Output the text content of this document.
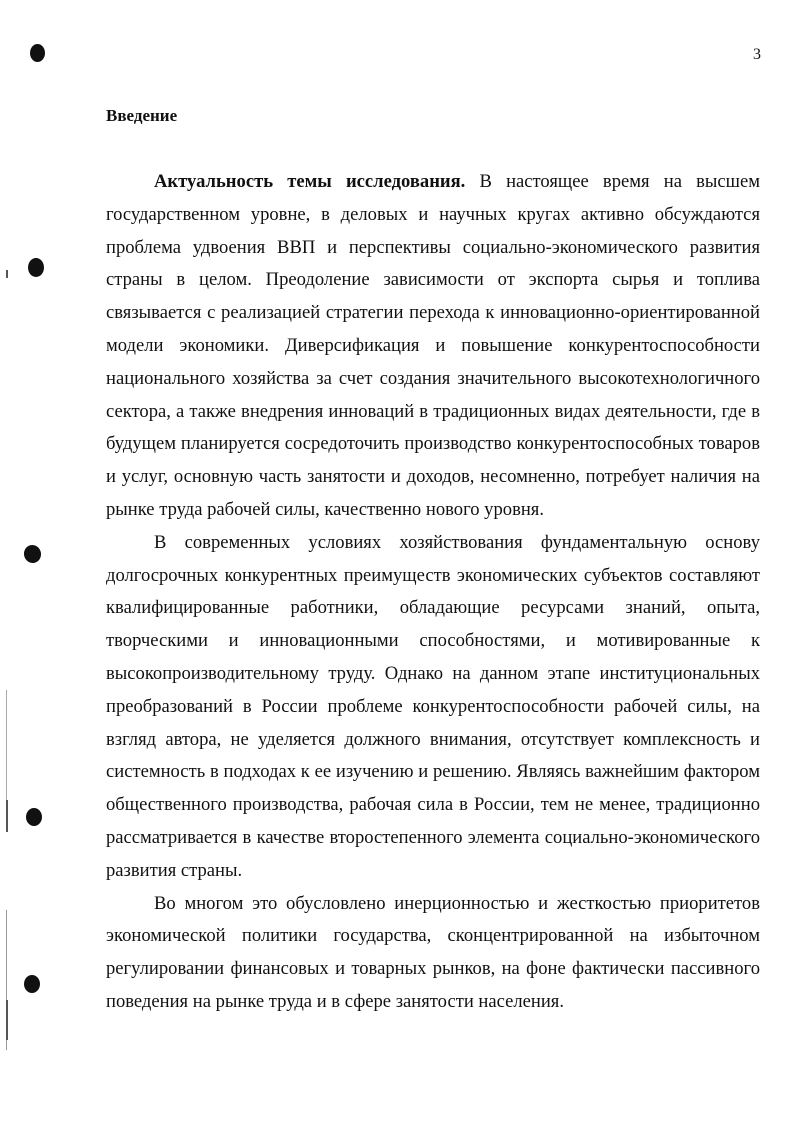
3
Введение

Актуальность темы исследования. В настоящее время на высшем государственном уровне, в деловых и научных кругах активно обсуждаются проблема удвоения ВВП и перспективы социально-экономического развития страны в целом. Преодоление зависимости от экспорта сырья и топлива связывается с реализацией стратегии перехода к инновационно-ориентированной модели экономики. Диверсификация и повышение конкурентоспособности национального хозяйства за счет создания значительного высокотехнологичного сектора, а также внедрения инноваций в традиционных видах деятельности, где в будущем планируется сосредоточить производство конкурентоспособных товаров и услуг, основную часть занятости и доходов, несомненно, потребует наличия на рынке труда рабочей силы, качественно нового уровня.

В современных условиях хозяйствования фундаментальную основу долгосрочных конкурентных преимуществ экономических субъектов составляют квалифицированные работники, обладающие ресурсами знаний, опыта, творческими и инновационными способностями, и мотивированные к высокопроизводительному труду. Однако на данном этапе институциональных преобразований в России проблеме конкурентоспособности рабочей силы, на взгляд автора, не уделяется должного внимания, отсутствует комплексность и системность в подходах к ее изучению и решению. Являясь важнейшим фактором общественного производства, рабочая сила в России, тем не менее, традиционно рассматривается в качестве второстепенного элемента социально-экономического развития страны.

Во многом это обусловлено инерционностью и жесткостью приоритетов экономической политики государства, сконцентрированной на избыточном регулировании финансовых и товарных рынков, на фоне фактически пассивного поведения на рынке труда и в сфере занятости населения.
